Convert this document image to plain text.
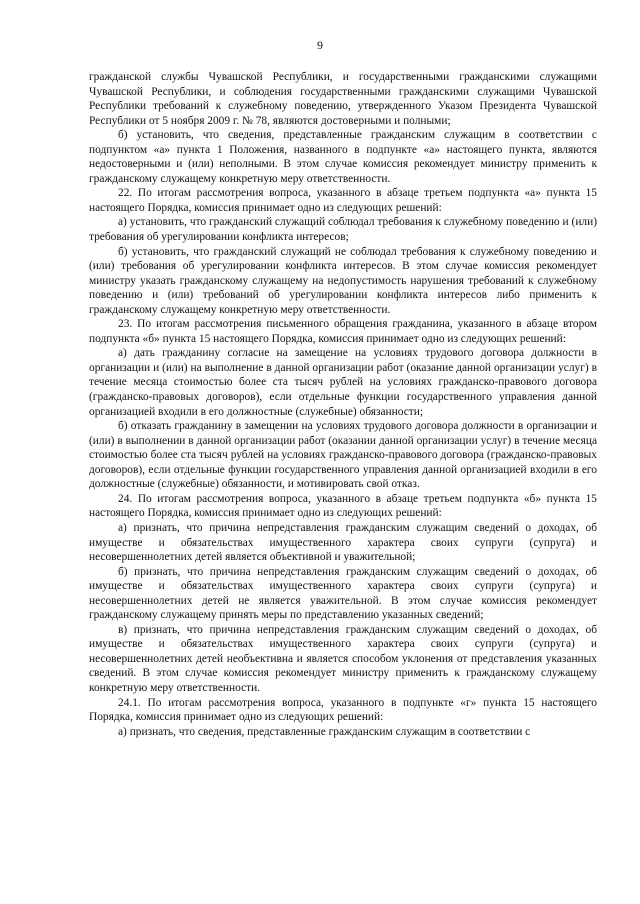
9

гражданской службы Чувашской Республики, и государственными гражданскими служащими Чувашской Республики, и соблюдения государственными гражданскими служащими Чувашской Республики требований к служебному поведению, утвержденного Указом Президента Чувашской Республики от 5 ноября 2009 г. № 78, являются достоверными и полными;

б) установить, что сведения, представленные гражданским служащим в соответствии с подпунктом «а» пункта 1 Положения, названного в подпункте «а» настоящего пункта, являются недостоверными и (или) неполными. В этом случае комиссия рекомендует министру применить к гражданскому служащему конкретную меру ответственности.

22. По итогам рассмотрения вопроса, указанного в абзаце третьем подпункта «а» пункта 15 настоящего Порядка, комиссия принимает одно из следующих решений:

а) установить, что гражданский служащий соблюдал требования к служебному поведению и (или) требования об урегулировании конфликта интересов;

б) установить, что гражданский служащий не соблюдал требования к служебному поведению и (или) требования об урегулировании конфликта интересов. В этом случае комиссия рекомендует министру указать гражданскому служащему на недопустимость нарушения требований к служебному поведению и (или) требований об урегулировании конфликта интересов либо применить к гражданскому служащему конкретную меру ответственности.

23. По итогам рассмотрения письменного обращения гражданина, указанного в абзаце втором подпункта «б» пункта 15 настоящего Порядка, комиссия принимает одно из следующих решений:

а) дать гражданину согласие на замещение на условиях трудового договора должности в организации и (или) на выполнение в данной организации работ (оказание данной организации услуг) в течение месяца стоимостью более ста тысяч рублей на условиях гражданско-правового договора (гражданско-правовых договоров), если отдельные функции государственного управления данной организацией входили в его должностные (служебные) обязанности;

б) отказать гражданину в замещении на условиях трудового договора должности в организации и (или) в выполнении в данной организации работ (оказании данной организации услуг) в течение месяца стоимостью более ста тысяч рублей на условиях гражданско-правового договора (гражданско-правовых договоров), если отдельные функции государственного управления данной организацией входили в его должностные (служебные) обязанности, и мотивировать свой отказ.

24. По итогам рассмотрения вопроса, указанного в абзаце третьем подпункта «б» пункта 15 настоящего Порядка, комиссия принимает одно из следующих решений:

а) признать, что причина непредставления гражданским служащим сведений о доходах, об имуществе и обязательствах имущественного характера своих супруги (супруга) и несовершеннолетних детей является объективной и уважительной;

б) признать, что причина непредставления гражданским служащим сведений о доходах, об имуществе и обязательствах имущественного характера своих супруги (супруга) и несовершеннолетних детей не является уважительной. В этом случае комиссия рекомендует гражданскому служащему принять меры по представлению указанных сведений;

в) признать, что причина непредставления гражданским служащим сведений о доходах, об имуществе и обязательствах имущественного характера своих супруги (супруга) и несовершеннолетних детей необъективна и является способом уклонения от представления указанных сведений. В этом случае комиссия рекомендует министру применить к гражданскому служащему конкретную меру ответственности.

24.1. По итогам рассмотрения вопроса, указанного в подпункте «г» пункта 15 настоящего Порядка, комиссия принимает одно из следующих решений:

а) признать, что сведения, представленные гражданским служащим в соответствии с
